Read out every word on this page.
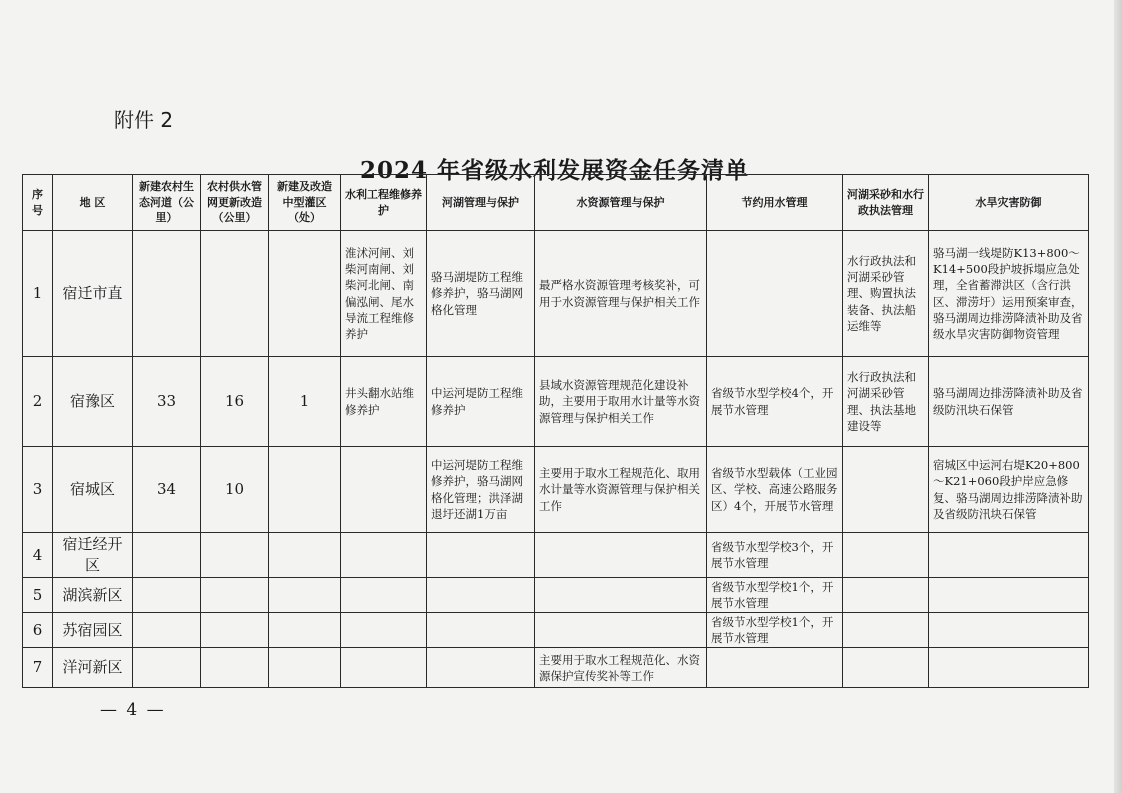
附件 2
2024 年省级水利发展资金任务清单
序号	地 区	新建农村生态河道（公里）	农村供水管网更新改造（公里）	新建及改造中型灌区（处）	水利工程维修养护	河湖管理与保护	水资源管理与保护	节约用水管理	河湖采砂和水行政执法管理	水旱灾害防御
1	宿迁市直				淮沭河闸、刘柴河南闸、刘柴河北闸、南偏泓闸、尾水导流工程维修养护	骆马湖堤防工程维修养护，骆马湖网格化管理	最严格水资源管理考核奖补，可用于水资源管理与保护相关工作		水行政执法和河湖采砂管理、购置执法装备、执法船运维等	骆马湖一线堤防K13+800～K14+500段护坡拆塌应急处理，全省蓄滞洪区（含行洪区、滞涝圩）运用预案审查，骆马湖周边排涝降渍补助及省级水旱灾害防御物资管理
2	宿豫区	33	16	1	井头翻水站维修养护	中运河堤防工程维修养护	县域水资源管理规范化建设补助，主要用于取用水计量等水资源管理与保护相关工作	省级节水型学校4个，开展节水管理	水行政执法和河湖采砂管理、执法基地建设等	骆马湖周边排涝降渍补助及省级防汛块石保管
3	宿城区	34	10			中运河堤防工程维修养护，骆马湖网格化管理；洪泽湖退圩还湖1万亩	主要用于取水工程规范化、取用水计量等水资源管理与保护相关工作	省级节水型载体（工业园区、学校、高速公路服务区）4个，开展节水管理		宿城区中运河右堤K20+800～K21+060段护岸应急修复、骆马湖周边排涝降渍补助及省级防汛块石保管
4	宿迁经开区							省级节水型学校3个，开展节水管理		
5	湖滨新区							省级节水型学校1个，开展节水管理		
6	苏宿园区							省级节水型学校1个，开展节水管理		
7	洋河新区						主要用于取水工程规范化、水资源保护宣传奖补等工作			
— 4 —
